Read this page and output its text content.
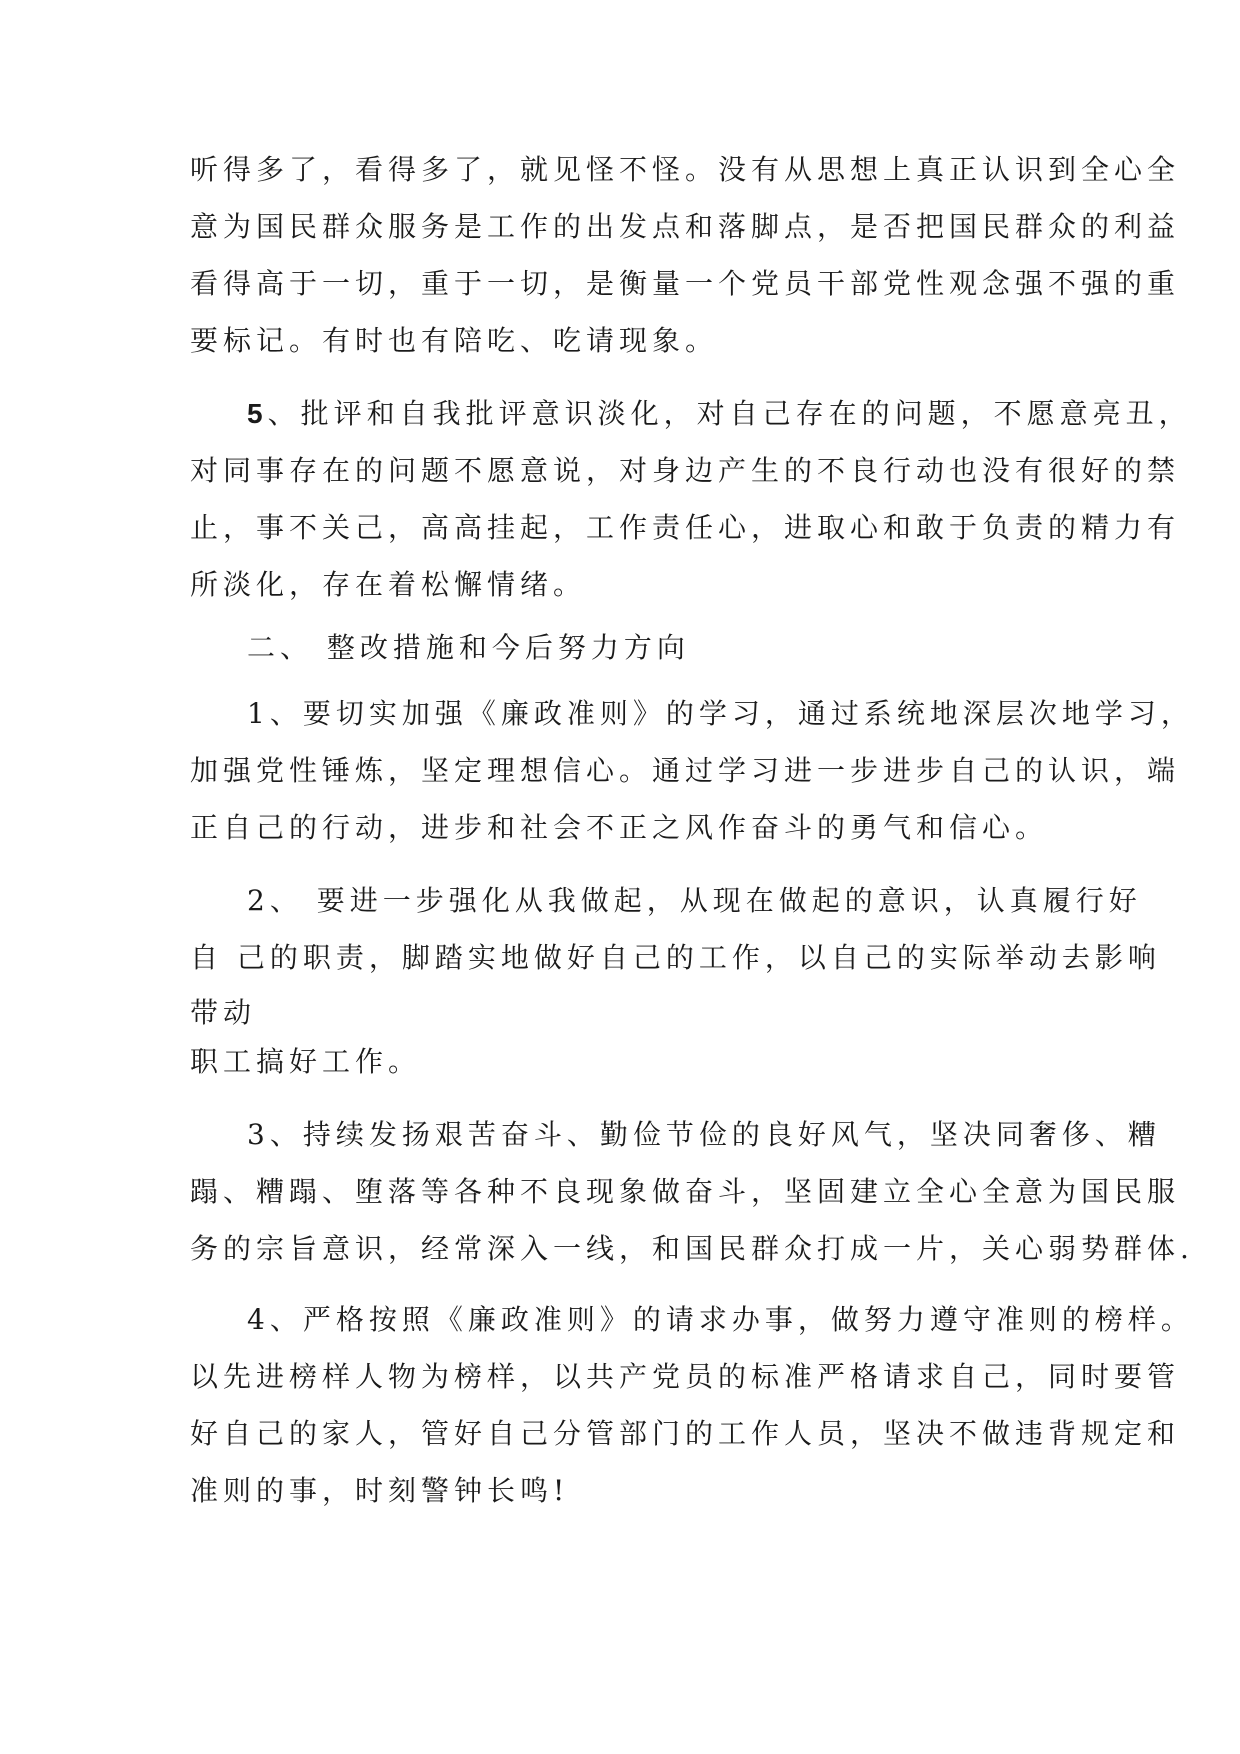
听得多了，看得多了，就见怪不怪。没有从思想上真正认识到全心全

意为国民群众服务是工作的出发点和落脚点，是否把国民群众的利益

看得高于一切，重于一切，是衡量一个党员干部党性观念强不强的重

要标记。有时也有陪吃、吃请现象。

5、批评和自我批评意识淡化，对自己存在的问题，不愿意亮丑，

对同事存在的问题不愿意说，对身边产生的不良行动也没有很好的禁

止，事不关己，高高挂起，工作责任心，进取心和敢于负责的精力有

所淡化，存在着松懈情绪。

二、 整改措施和今后努力方向

1、要切实加强《廉政准则》的学习，通过系统地深层次地学习，

加强党性锤炼，坚定理想信心。通过学习进一步进步自己的认识，端

正自己的行动，进步和社会不正之风作奋斗的勇气和信心。

2、 要进一步强化从我做起，从现在做起的意识，认真履行好

自 己的职责，脚踏实地做好自己的工作，以自己的实际举动去影响

带动

职工搞好工作。

3、持续发扬艰苦奋斗、勤俭节俭的良好风气，坚决同奢侈、糟

蹋、糟蹋、堕落等各种不良现象做奋斗，坚固建立全心全意为国民服

务的宗旨意识，经常深入一线，和国民群众打成一片，关心弱势群体.

4、严格按照《廉政准则》的请求办事，做努力遵守准则的榜样。

以先进榜样人物为榜样，以共产党员的标准严格请求自己，同时要管

好自己的家人，管好自己分管部门的工作人员，坚决不做违背规定和

准则的事，时刻警钟长鸣!
